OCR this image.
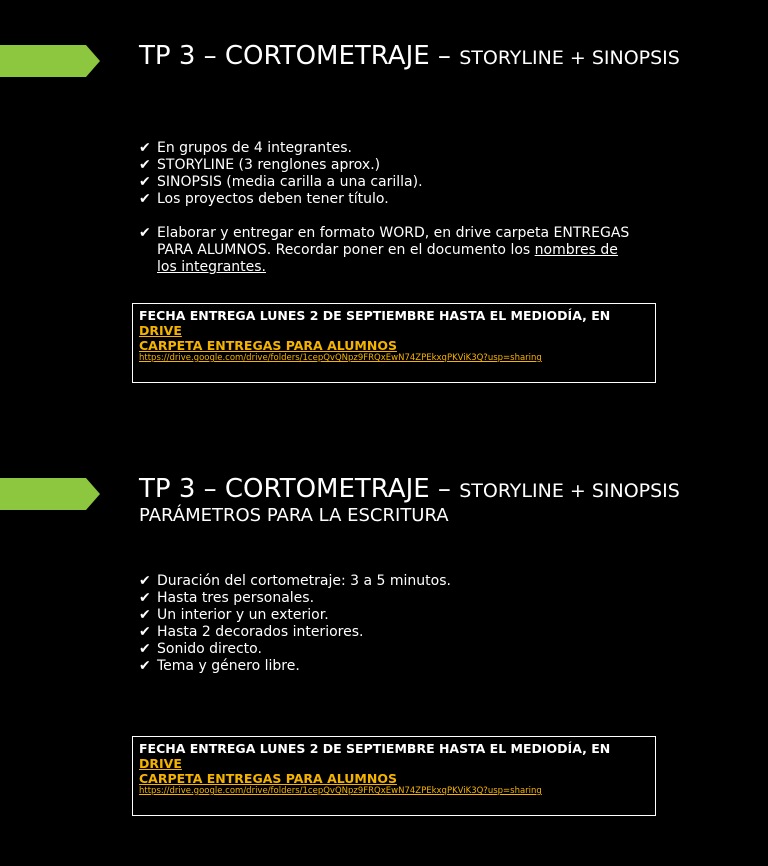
TP 3 – CORTOMETRAJE – STORYLINE + SINOPSIS
✔ En grupos de 4 integrantes.
✔ STORYLINE (3 renglones aprox.)
✔ SINOPSIS (media carilla a una carilla).
✔ Los proyectos deben tener título.
✔ Elaborar y entregar en formato WORD, en drive carpeta ENTREGAS PARA ALUMNOS. Recordar poner en el documento los nombres de los integrantes.
FECHA ENTREGA LUNES 2 DE SEPTIEMBRE HASTA EL MEDIODÍA, EN
DRIVE
CARPETA ENTREGAS PARA ALUMNOS
https://drive.google.com/drive/folders/1cepQvQNpz9FRQxEwN74ZPEkxqPKViK3Q?usp=sharing
TP 3 – CORTOMETRAJE – STORYLINE + SINOPSIS
PARÁMETROS PARA LA ESCRITURA
✔ Duración del cortometraje: 3 a 5 minutos.
✔ Hasta tres personales.
✔ Un interior y un exterior.
✔ Hasta 2 decorados interiores.
✔ Sonido directo.
✔ Tema y género libre.
FECHA ENTREGA LUNES 2 DE SEPTIEMBRE HASTA EL MEDIODÍA, EN
DRIVE
CARPETA ENTREGAS PARA ALUMNOS
https://drive.google.com/drive/folders/1cepQvQNpz9FRQxEwN74ZPEkxqPKViK3Q?usp=sharing
